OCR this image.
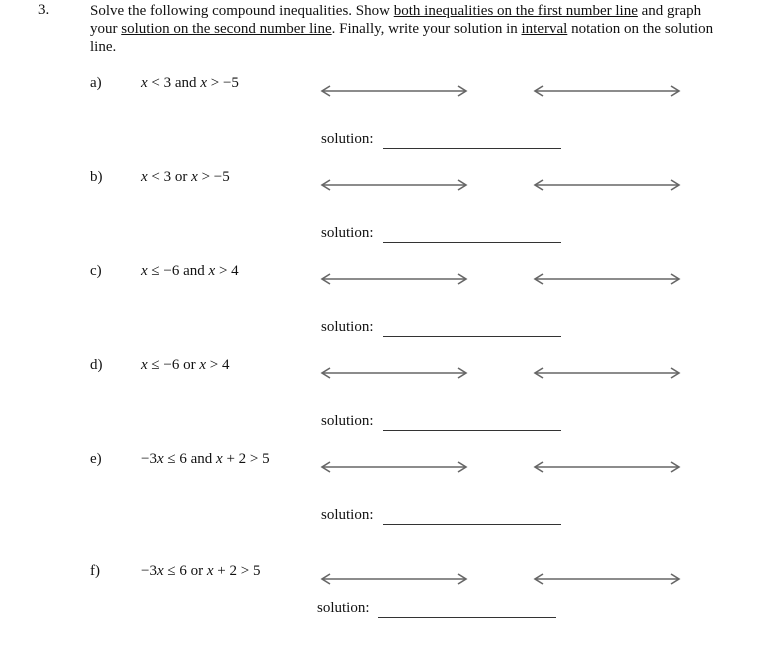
3.	Solve the following compound inequalities. Show both inequalities on the first number line and graph your solution on the second number line. Finally, write your solution in interval notation on the solution line.
a)	x < 3 and x > −5
solution:
b)	x < 3 or x > −5
solution:
c)	x ≤ −6 and x > 4
solution:
d)	x ≤ −6 or x > 4
solution:
e)	−3x ≤ 6 and x + 2 > 5
solution:
f)	−3x ≤ 6 or x + 2 > 5
solution:
